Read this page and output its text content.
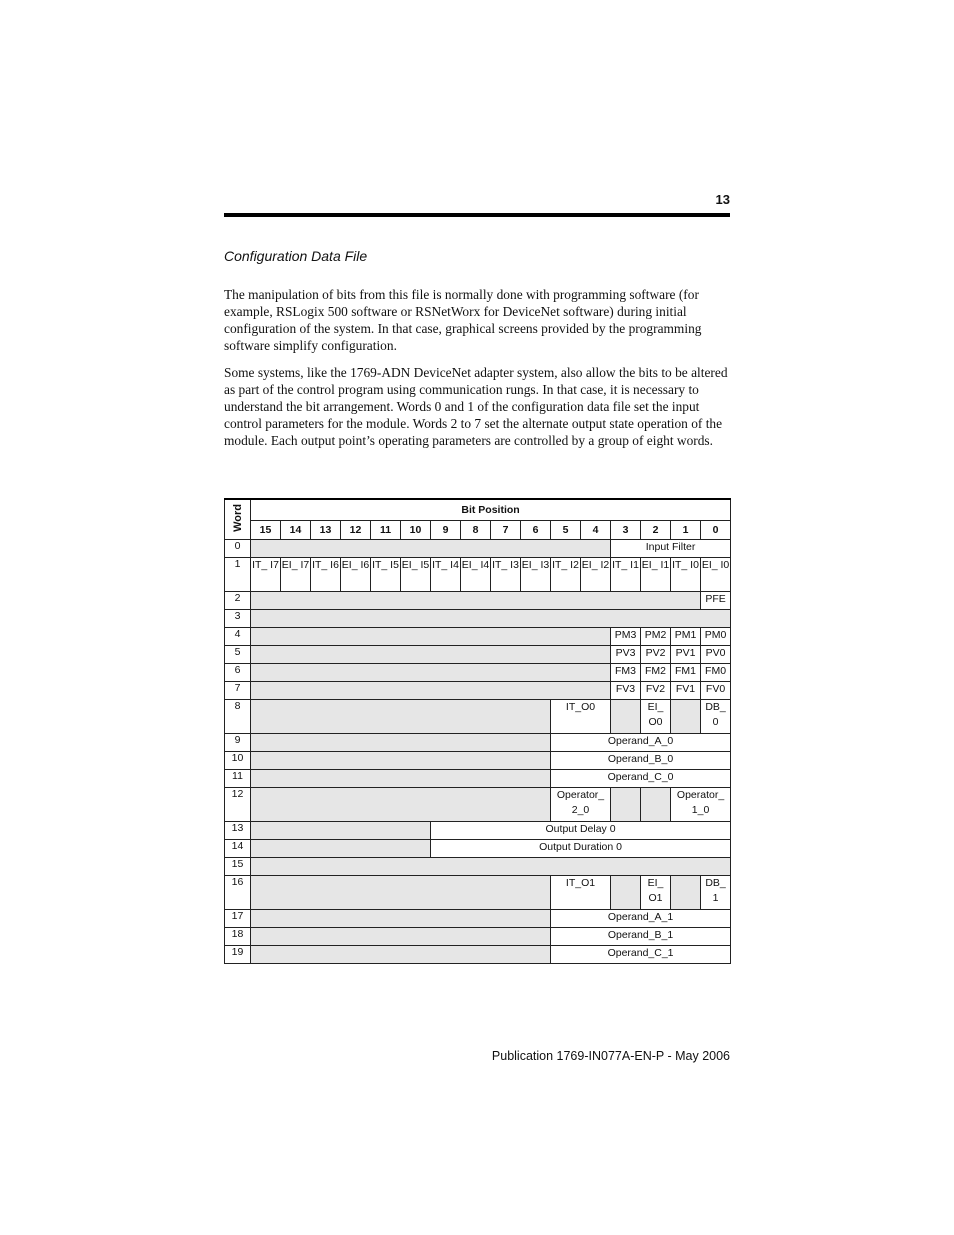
13
Configuration Data File

The manipulation of bits from this file is normally done with programming software (for example, RSLogix 500 software or RSNetWorx for DeviceNet software) during initial configuration of the system. In that case, graphical screens provided by the programming software simplify configuration.

Some systems, like the 1769-ADN DeviceNet adapter system, also allow the bits to be altered as part of the control program using communication rungs. In that case, it is necessary to understand the bit arrangement. Words 0 and 1 of the configuration data file set the input control parameters for the module. Words 2 to 7 set the alternate output state operation of the module. Each output point’s operating parameters are controlled by a group of eight words.

Word	Bit Position															
	15	14	13	12	11	10	9	8	7	6	5	4	3	2	1	0
0													Input Filter			
1	IT_ I7	EI_ I7	IT_ I6	EI_ I6	IT_ I5	EI_ I5	IT_ I4	EI_ I4	IT_ I3	EI_ I3	IT_ I2	EI_ I2	IT_ I1	EI_ I1	IT_ I0	EI_ I0
2																PFE
3																
4													PM3	PM2	PM1	PM0
5													PV3	PV2	PV1	PV0
6													FM3	FM2	FM1	FM0
7													FV3	FV2	FV1	FV0
8											IT_O0			EI_ O0		DB_ 0
9											Operand_A_0					
10											Operand_B_0					
11											Operand_C_0					
12											Operator_ 2_0				Operator_ 1_0	
13							Output Delay 0									
14							Output Duration 0									
15																
16											IT_O1			EI_ O1		DB_ 1
17											Operand_A_1					
18											Operand_B_1					
19											Operand_C_1					
Publication 1769-IN077A-EN-P - May 2006
